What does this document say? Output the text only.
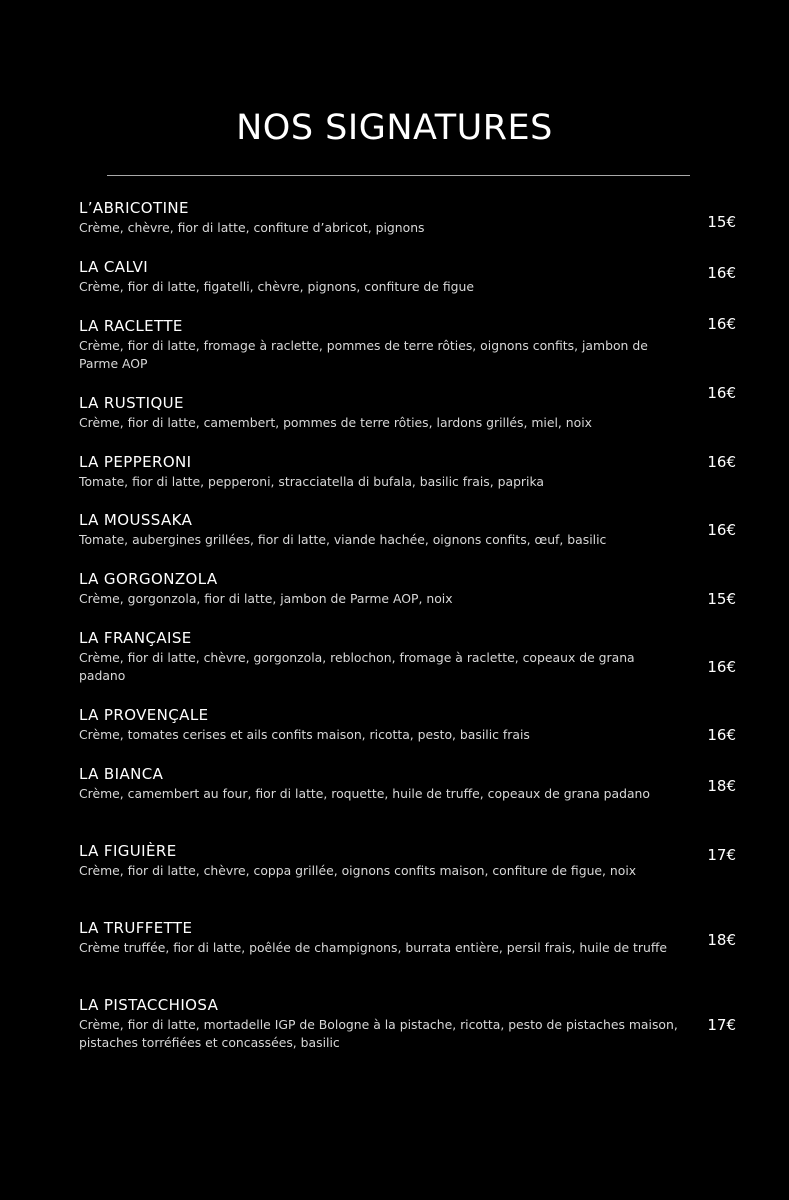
NOS SIGNATURES
L’ABRICOTINE
Crème, chèvre, fior di latte, confiture d’abricot, pignons	15€
LA CALVI
Crème, fior di latte, figatelli, chèvre, pignons, confiture de figue
16€
LA RACLETTE
Crème, fior di latte, fromage à raclette, pommes de terre rôties, oignons confits, jambon de Parme AOP
16€
LA RUSTIQUE
Crème, fior di latte, camembert, pommes de terre rôties, lardons grillés, miel, noix
16€
LA PEPPERONI
Tomate, fior di latte, pepperoni, stracciatella di bufala, basilic frais, paprika
16€
LA MOUSSAKA
Tomate, aubergines grillées, fior di latte, viande hachée, oignons confits, œuf, basilic
16€
LA GORGONZOLA
Crème, gorgonzola, fior di latte, jambon de Parme AOP, noix	15€
LA FRANÇAISE
Crème, fior di latte, chèvre, gorgonzola, reblochon, fromage à raclette, copeaux de grana padano	16€
LA PROVENÇALE
Crème, tomates cerises et ails confits maison, ricotta, pesto, basilic frais	16€
LA BIANCA
Crème, camembert au four, fior di latte, roquette, huile de truffe, copeaux de grana padano	18€
LA FIGUIÈRE
Crème, fior di latte, chèvre, coppa grillée, oignons confits maison, confiture de figue, noix
17€
LA TRUFFETTE
Crème truffée, fior di latte, poêlée de champignons, burrata entière, persil frais, huile de truffe	18€
LA PISTACCHIOSA
Crème, fior di latte, mortadelle IGP de Bologne à la pistache, ricotta, pesto de pistaches maison, pistaches torréfiées et concassées, basilic
17€
